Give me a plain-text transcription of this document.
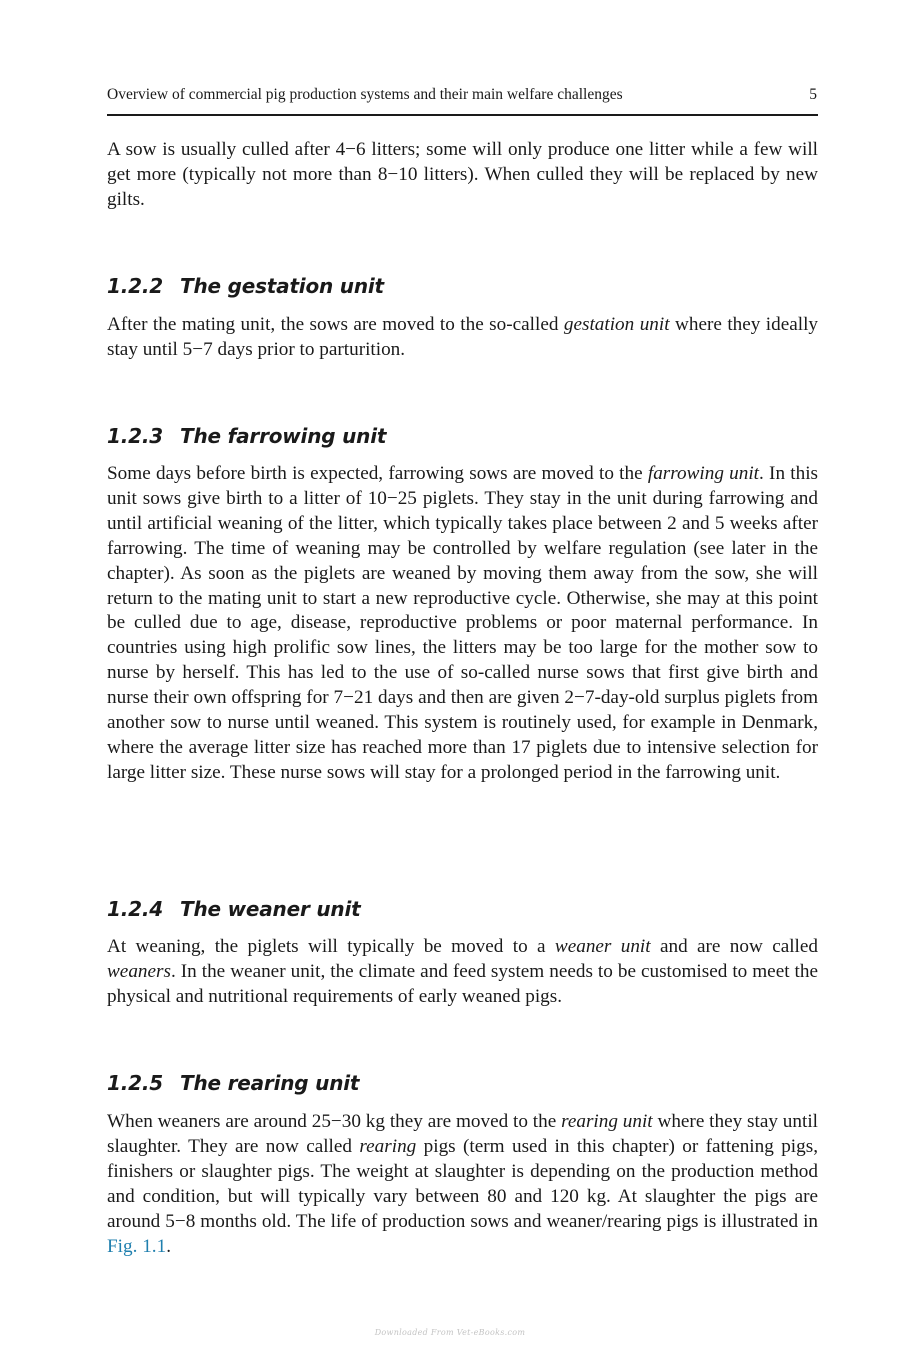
Overview of commercial pig production systems and their main welfare challenges	5

A sow is usually culled after 4−6 litters; some will only produce one litter while a few will get more (typically not more than 8−10 litters). When culled they will be replaced by new gilts.

1.2.2 The gestation unit

After the mating unit, the sows are moved to the so-called gestation unit where they ideally stay until 5−7 days prior to parturition.

1.2.3 The farrowing unit

Some days before birth is expected, farrowing sows are moved to the farrowing unit. In this unit sows give birth to a litter of 10−25 piglets. They stay in the unit during farrowing and until artificial weaning of the litter, which typically takes place between 2 and 5 weeks after farrowing. The time of weaning may be controlled by welfare regulation (see later in the chapter). As soon as the piglets are weaned by moving them away from the sow, she will return to the mating unit to start a new reproductive cycle. Otherwise, she may at this point be culled due to age, disease, reproductive problems or poor maternal performance. In countries using high prolific sow lines, the litters may be too large for the mother sow to nurse by herself. This has led to the use of so-called nurse sows that first give birth and nurse their own offspring for 7−21 days and then are given 2−7-day-old surplus piglets from another sow to nurse until weaned. This system is routinely used, for example in Denmark, where the average litter size has reached more than 17 piglets due to intensive selection for large litter size. These nurse sows will stay for a prolonged period in the farrowing unit.

1.2.4 The weaner unit

At weaning, the piglets will typically be moved to a weaner unit and are now called weaners. In the weaner unit, the climate and feed system needs to be customised to meet the physical and nutritional requirements of early weaned pigs.

1.2.5 The rearing unit

When weaners are around 25−30 kg they are moved to the rearing unit where they stay until slaughter. They are now called rearing pigs (term used in this chapter) or fattening pigs, finishers or slaughter pigs. The weight at slaughter is depending on the production method and condition, but will typically vary between 80 and 120 kg. At slaughter the pigs are around 5−8 months old. The life of production sows and weaner/rearing pigs is illustrated in Fig. 1.1.

Downloaded From Vet-eBooks.com
